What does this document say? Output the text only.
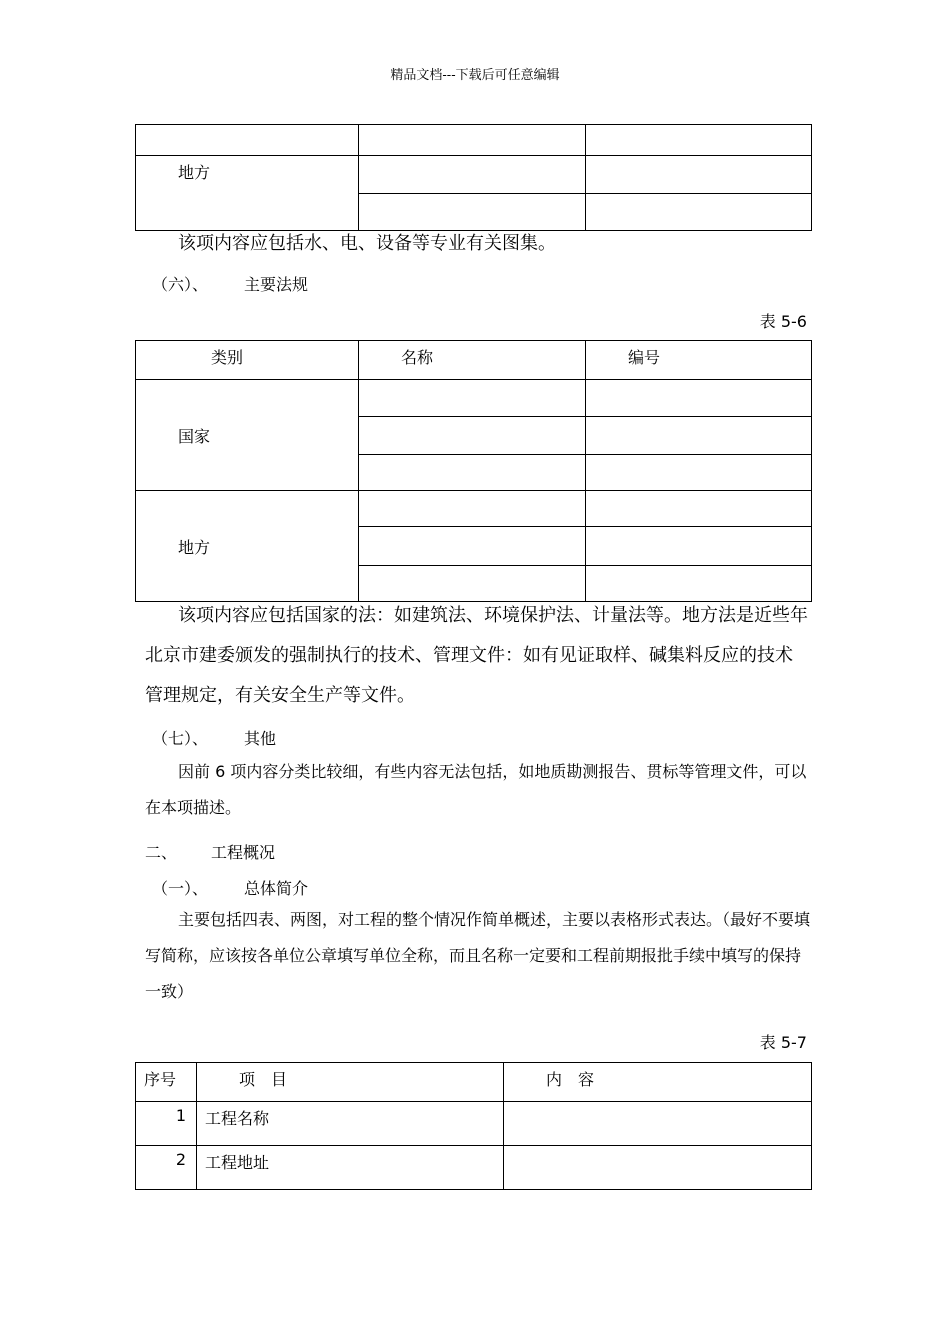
精品文档---下载后可任意编辑

地方		

该项内容应包括水、电、设备等专业有关图集。
（六）、 主要法规
表 5-6
类别	名称	编号

国家		

地方		

该项内容应包括国家的法：如建筑法、环境保护法、计量法等。地方法是近些年北京市建委颁发的强制执行的技术、管理文件：如有见证取样、碱集料反应的技术管理规定，有关安全生产等文件。
（七）、 其他
因前 6 项内容分类比较细，有些内容无法包括，如地质勘测报告、贯标等管理文件，可以在本项描述。
二、 工程概况
（一）、 总体简介
主要包括四表、两图，对工程的整个情况作简单概述，主要以表格形式表达。（最好不要填写简称，应该按各单位公章填写单位全称，而且名称一定要和工程前期报批手续中填写的保持一致）
表 5-7
序号	项　目	内　容

1	工程名称	

2	工程地址	
